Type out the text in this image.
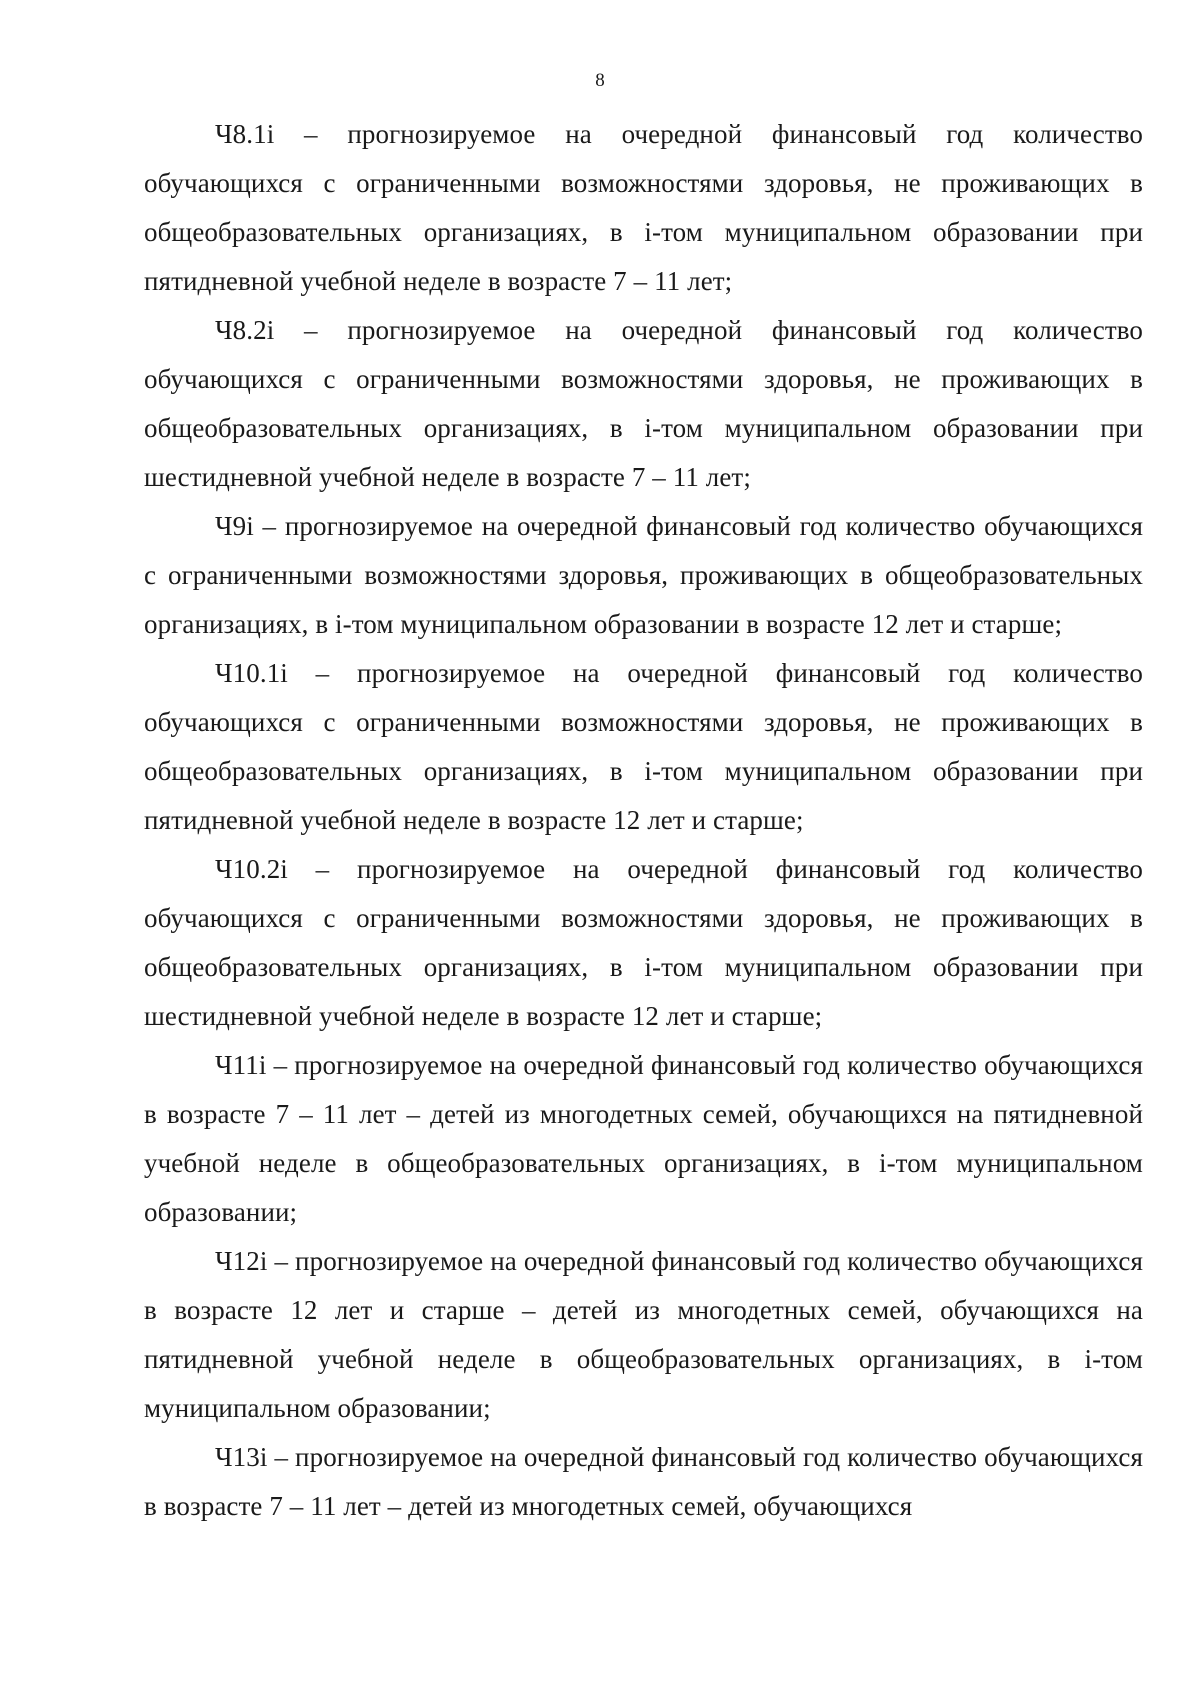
8

Ч8.1i – прогнозируемое на очередной финансовый год количество обучающихся с ограниченными возможностями здоровья, не проживающих в общеобразовательных организациях, в i-том муниципальном образовании при пятидневной учебной неделе в возрасте 7 – 11 лет;

Ч8.2i – прогнозируемое на очередной финансовый год количество обучающихся с ограниченными возможностями здоровья, не проживающих в общеобразовательных организациях, в i-том муниципальном образовании при шестидневной учебной неделе в возрасте 7 – 11 лет;

Ч9i – прогнозируемое на очередной финансовый год количество обучающихся с ограниченными возможностями здоровья, проживающих в общеобразовательных организациях, в i-том муниципальном образовании в возрасте 12 лет и старше;

Ч10.1i – прогнозируемое на очередной финансовый год количество обучающихся с ограниченными возможностями здоровья, не проживающих в общеобразовательных организациях, в i-том муниципальном образовании при пятидневной учебной неделе в возрасте 12 лет и старше;

Ч10.2i – прогнозируемое на очередной финансовый год количество обучающихся с ограниченными возможностями здоровья, не проживающих в общеобразовательных организациях, в i-том муниципальном образовании при шестидневной учебной неделе в возрасте 12 лет и старше;

Ч11i – прогнозируемое на очередной финансовый год количество обучающихся в возрасте 7 – 11 лет – детей из многодетных семей, обучающихся на пятидневной учебной неделе в общеобразовательных организациях, в i-том муниципальном образовании;

Ч12i – прогнозируемое на очередной финансовый год количество обучающихся в возрасте 12 лет и старше – детей из многодетных семей, обучающихся на пятидневной учебной неделе в общеобразовательных организациях, в i-том муниципальном образовании;

Ч13i – прогнозируемое на очередной финансовый год количество обучающихся в возрасте 7 – 11 лет – детей из многодетных семей, обучающихся
